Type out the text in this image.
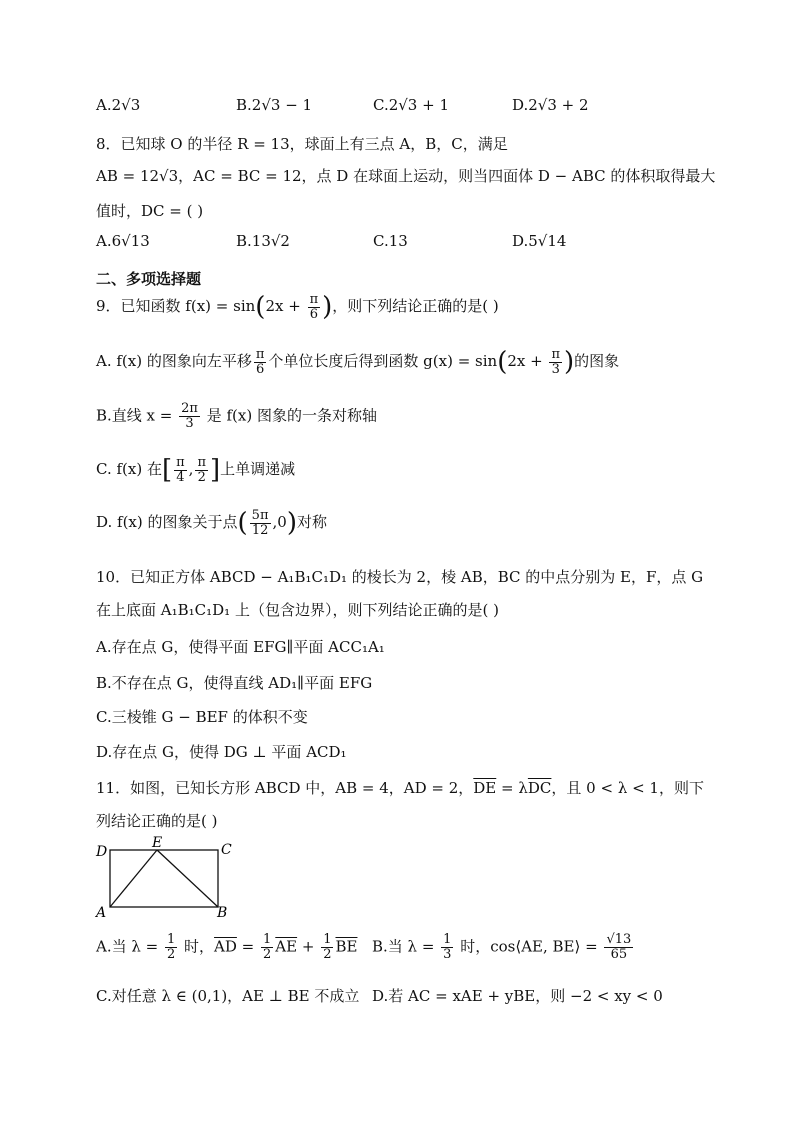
A.2√3	B.2√3 − 1	C.2√3 + 1	D.2√3 + 2
8．已知球 O 的半径 R = 13，球面上有三点 A，B，C，满足
AB = 12√3，AC = BC = 12，点 D 在球面上运动，则当四面体 D − ABC 的体积取得最大
值时，DC = ( )
A.6√13	B.13√2	C.13	D.5√14
二、多项选择题
9．已知函数 $f(x) = \sin(2x + \frac{\pi}{6}$ )，则下列结论正确的是( )
A. f(x) 的图象向左平移 $\frac{\pi}{6}$ 个单位长度后得到函数 $g(x) = \sin(2x + \frac{\pi}{3}$ )的图象
B.直线 $x = \frac{2\pi}{3}$ 是 f(x) 图象的一条对称轴
C. f(x) 在[ $\frac{\pi}{4}$ , $\frac{\pi}{2}$ ]上单调递减
D. f(x) 的图象关于点( $\frac{5\pi}{12} ,0$)对称
10．已知正方体 ABCD − A₁B₁C₁D₁ 的棱长为 2，棱 AB，BC 的中点分别为 E，F，点 G
在上底面 A₁B₁C₁D₁ 上（包含边界），则下列结论正确的是( )
A.存在点 G，使得平面 EFG∥平面 ACC₁A₁
B.不存在点 G，使得直线 AD₁∥平面 EFG
C.三棱锥 G − BEF 的体积不变
D.存在点 G，使得 DG ⊥ 平面 ACD₁
11．如图，已知长方形 ABCD 中，AB = 4，AD = 2，$\overline{DE} = \lambda\overline{DC}$，且 0 < λ < 1，则下
列结论正确的是( )
D
E	C
A	B
A.当 $\lambda = \frac{1}{2}$ 时，$\overline{AD} = \frac{1}{2} \overline{AE} + \frac{1}{2} \overline{BE}$ B.当 $\lambda = \frac{1}{3}$ 时，cos⟨AE, BE⟩ = $\frac{√13}{65}$
C.对任意 λ ∈ (0,1)，AE ⊥ BE 不成立 D.若 AC = xAE + yBE，则 −2 < xy < 0
